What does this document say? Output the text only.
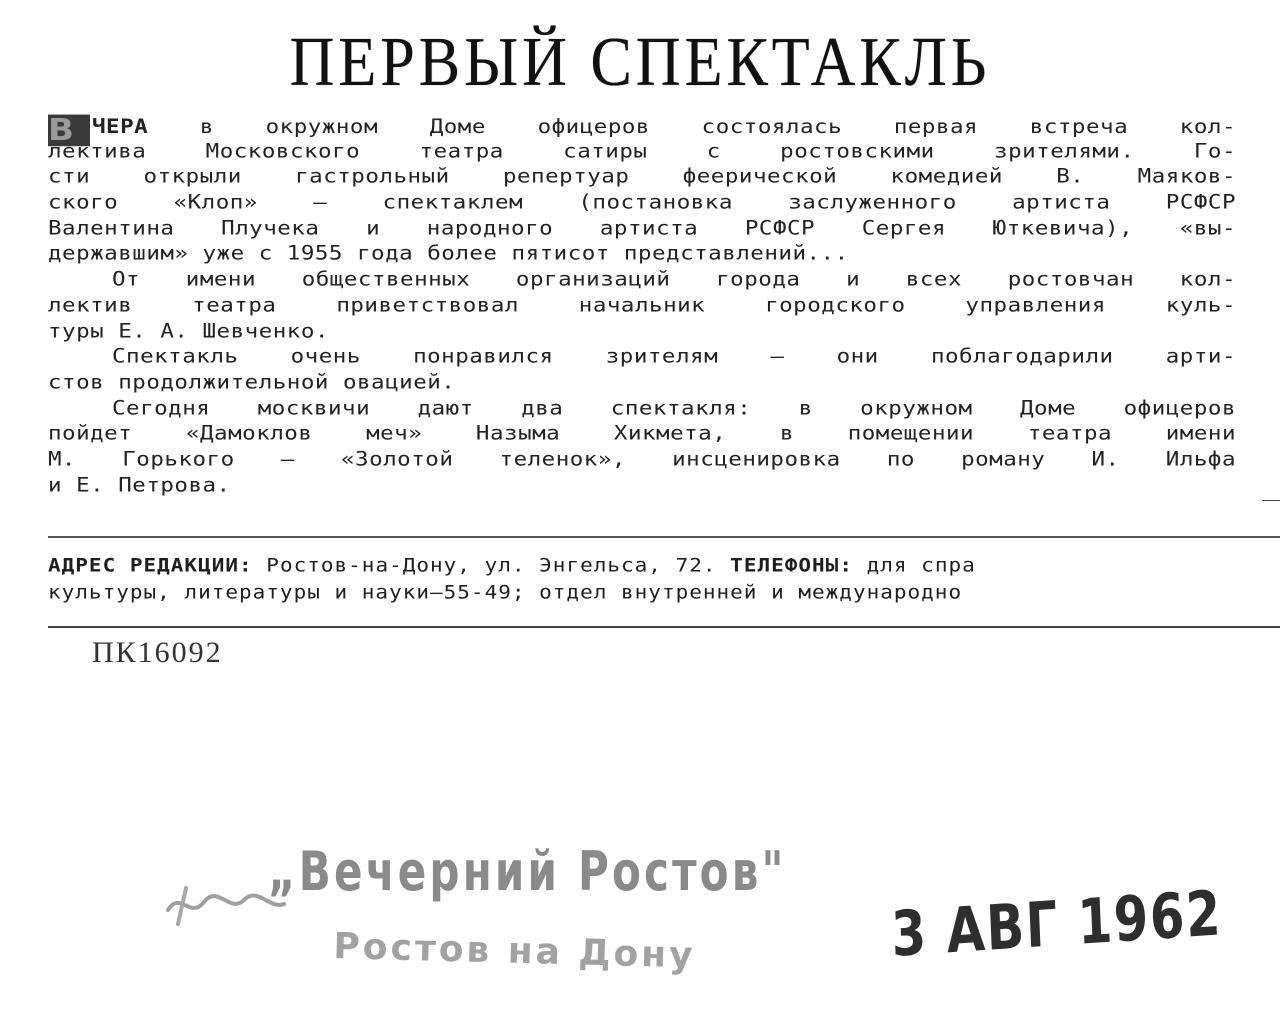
ПЕРВЫЙ СПЕКТАКЛЬ
В ЧЕРА в окружном Доме офицеров состоялась первая встреча кол-
лектива Московского театра сатиры с ростовскими зрителями. Го-
сти открыли гастрольный репертуар феерической комедией В. Маяков-
ского «Клоп» — спектаклем (постановка заслуженного артиста РСФСР
Валентина Плучека и народного артиста РСФСР Сергея Юткевича), «вы-
державшим» уже с 1955 года более пятисот представлений...
От имени общественных организаций города и всех ростовчан кол-
лектив театра приветствовал начальник городского управления куль-
туры Е. А. Шевченко.
Спектакль очень понравился зрителям — они поблагодарили арти-
стов продолжительной овацией.
Сегодня москвичи дают два спектакля: в окружном Доме офицеров
пойдет «Дамоклов меч» Назыма Хикмета, в помещении театра имени
М. Горького — «Золотой теленок», инсценировка по роману И. Ильфа
и Е. Петрова.
АДРЕС РЕДАКЦИИ: Ростов-на-Дону, ул. Энгельса, 72. ТЕЛЕФОНЫ: для спра
культуры, литературы и науки—55-49; отдел внутренней и международно
ПК16092
„Вечерний Ростов"
Ростов на Дону	3 АВГ 1962
